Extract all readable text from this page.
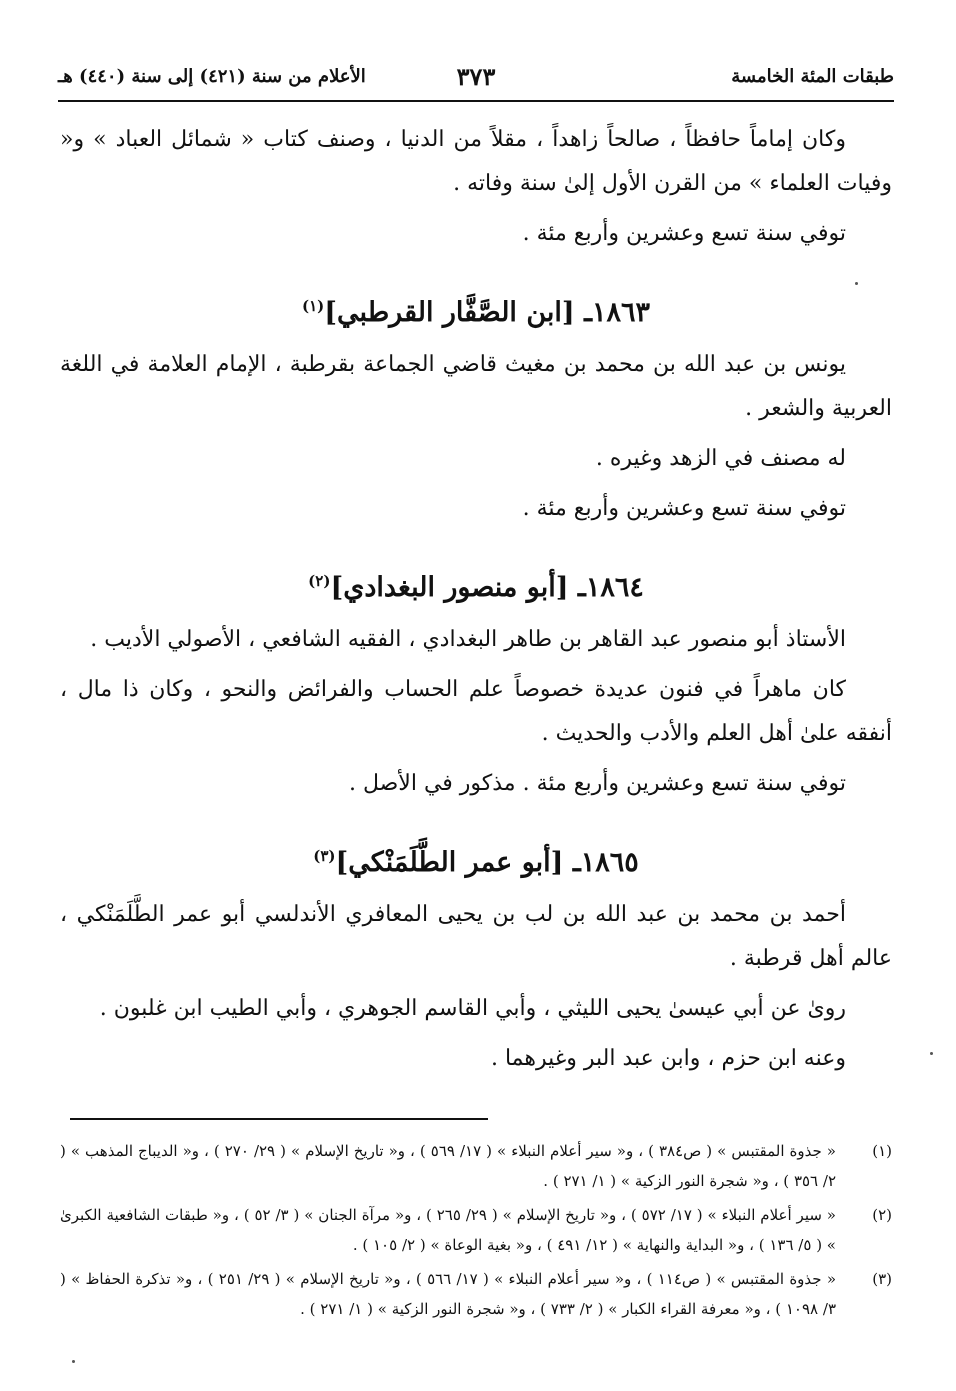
طبقات المئة الخامسة
٣٧٣
الأعلام من سنة (٤٢١) إلى سنة (٤٤٠) هـ

وكان إماماً حافظاً ، صالحاً زاهداً ، مقلاً من الدنيا ، وصنف كتاب « شمائل العباد » و« وفيات العلماء » من القرن الأول إلىٰ سنة وفاته .

توفي سنة تسع وعشرين وأربع مئة .

١٨٦٣ـ [ابن الصَّفَّار القرطبي]$^{(١)}$

يونس بن عبد الله بن محمد بن مغيث قاضي الجماعة بقرطبة ، الإمام العلامة في اللغة العربية والشعر .

له مصنف في الزهد وغيره .

توفي سنة تسع وعشرين وأربع مئة .

١٨٦٤ـ [أبو منصور البغدادي]$^{(٢)}$

الأستاذ أبو منصور عبد القاهر بن طاهر البغدادي ، الفقيه الشافعي ، الأصولي الأديب .

كان ماهراً في فنون عديدة خصوصاً علم الحساب والفرائض والنحو ، وكان ذا مال ، أنفقه علىٰ أهل العلم والأدب والحديث .

توفي سنة تسع وعشرين وأربع مئة . مذكور في الأصل .

١٨٦٥ـ [أبو عمر الطَّلَمَنْكي]$^{(٣)}$

أحمد بن محمد بن عبد الله بن لب بن يحيى المعافري الأندلسي أبو عمر الطَّلَمَنْكي ، عالم أهل قرطبة .

رویٰ عن أبي عيسىٰ يحيى الليثي ، وأبي القاسم الجوهري ، وأبي الطيب ابن غلبون .

وعنه ابن حزم ، وابن عبد البر وغيرهما .

(١)
« جذوة المقتبس » ( ص٣٨٤ ) ، و« سير أعلام النبلاء » ( ١٧/ ٥٦٩ ) ، و« تاريخ الإسلام » ( ٢٩/ ٢٧٠ ) ، و« الديباج المذهب » ( ٢/ ٣٥٦ ) ، و« شجرة النور الزكية » ( ١/ ٢٧١ ) .
(٢)
« سير أعلام النبلاء » ( ١٧/ ٥٧٢ ) ، و« تاريخ الإسلام » ( ٢٩/ ٢٦٥ ) ، و« مرآة الجنان » ( ٣/ ٥٢ ) ، و« طبقات الشافعية الكبرىٰ » ( ٥/ ١٣٦ ) ، و« البداية والنهاية » ( ١٢/ ٤٩١ ) ، و« بغية الوعاة » ( ٢/ ١٠٥ ) .
(٣)
« جذوة المقتبس » ( ص١١٤ ) ، و« سير أعلام النبلاء » ( ١٧/ ٥٦٦ ) ، و« تاريخ الإسلام » ( ٢٩/ ٢٥١ ) ، و« تذكرة الحفاظ » ( ٣/ ١٠٩٨ ) ، و« معرفة القراء الكبار » ( ٢/ ٧٣٣ ) ، و« شجرة النور الزكية » ( ١/ ٢٧١ ) .
